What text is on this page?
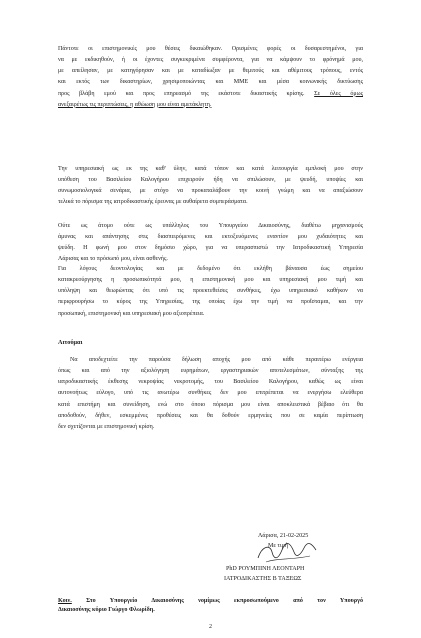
Πάντοτε οι επιστημονικές μου θέσεις δικαιώθηκαν. Ορισμένες φορές οι δυσαρεστημένοι, για
να με εκδικηθούν, ή οι έχοντες συγκεκριμένα συμφέροντα, για να κάμψουν το φρόνημά μου,
με απείλησαν, με κατηγόρησαν και με καταδίωξαν με θεμιτούς και αθέμιτους τρόπους, εντός
και εκτός των δικαστηρίων, χρησιμοποιώντας και ΜΜΕ και μέσα κοινωνικής δικτύωσης
προς βλάβη εμού και προς επηρεασμό της εκάστοτε δικαστικής κρίσης. Σε όλες όμως
ανεξαιρέτως τις περιπτώσεις, η αθώωση μου είναι αμετάκλητη.
Την υπηρεσιακή ως εκ της καθ' ύλην, κατά τόπον και κατά λειτουργία εμπλοκή μου στην
υπόθεση του Βασιλείου Καλογήρου επιχειρούν ήδη να σπιλώσουν, με ψευδή, υποψίες και
συνωμοσιολογικά σενάρια, με στόχο να προκαταλάβουν την κοινή γνώμη και να απαξιώσουν
τελικά το πόρισμα της ιατροδικαστικής έρευνας με αυθαίρετα συμπεράσματα.
Ούτε ως άτομο ούτε ως υπάλληλος του Υπουργείου Δικαιοσύνης, διαθέτω μηχανισμούς
άμυνας και απάντησης στις διασπειρόμενες και εκτοξευόμενες εναντίον μου χυδαιότητες και
ψεύδη. Η φωνή μου στον δημόσιο χώρο, για να υπερασπιστώ την Ιατροδικαστική Υπηρεσία
Λάρισας και το πρόσωπό μου, είναι ασθενής.
Για λόγους δεοντολογίας και με δεδομένο ότι εκλήθη βάναυσα έως σημείου
κατακρεούργησης η προσωπικότητά μου, η επιστημονική μου και υπηρεσιακή μου τιμή και
υπόληψη και θεωρώντας ότι υπό τις προεκτεθείσες συνθήκες, έχω υπηρεσιακό καθήκον να
περιφρουρήσω το κύρος της Υπηρεσίας, της οποίας έχω την τιμή να προΐσταμαι, και την
προσωπική, επιστημονική και υπηρεσιακή μου αξιοπρέπεια.
Αιτούμαι
Να αποδεχτείτε την παρούσα δήλωση αποχής μου από κάθε περαιτέρω ενέργεια
όπως και από την αξιολόγηση ευρημάτων, εργαστηριακών αποτελεσμάτων, σύνταξης της
ιατροδικαστικής έκθεσης νεκροψίας νεκροτομής, του Βασιλείου Καλογήρου, καθώς ως είναι
αυτονοήτως εύλογο, υπό τις ανωτέρω συνθήκες δεν μου επιτρέπεται να ενεργήσω ελεύθερα
κατά επιστήμη και συνείδηση, ενώ στο όποιο πόρισμα μου είναι αποκλειστικά βέβαιο ότι θα
αποδοθούν, δήθεν, εσκεμμένες προθέσεις και θα δοθούν ερμηνείες που σε καμία περίπτωση
δεν σχετίζονται με επιστημονική κρίση.
Λάρισα, 21-02-2025
Με τιμή
PhD ΡΟΥΜΠΙΝΗ ΛΕΟΝΤΑΡΗ
ΙΑΤΡΟΔΙΚΑΣΤΗΣ Β ΤΑΞΕΩΣ
Κοιν. Στο Υπουργείο Δικαιοσύνης νομίμως εκπροσωπούμενο από τον Υπουργό
Δικαιοσύνης κύριο Γιώργο Φλωρίδη.
2
